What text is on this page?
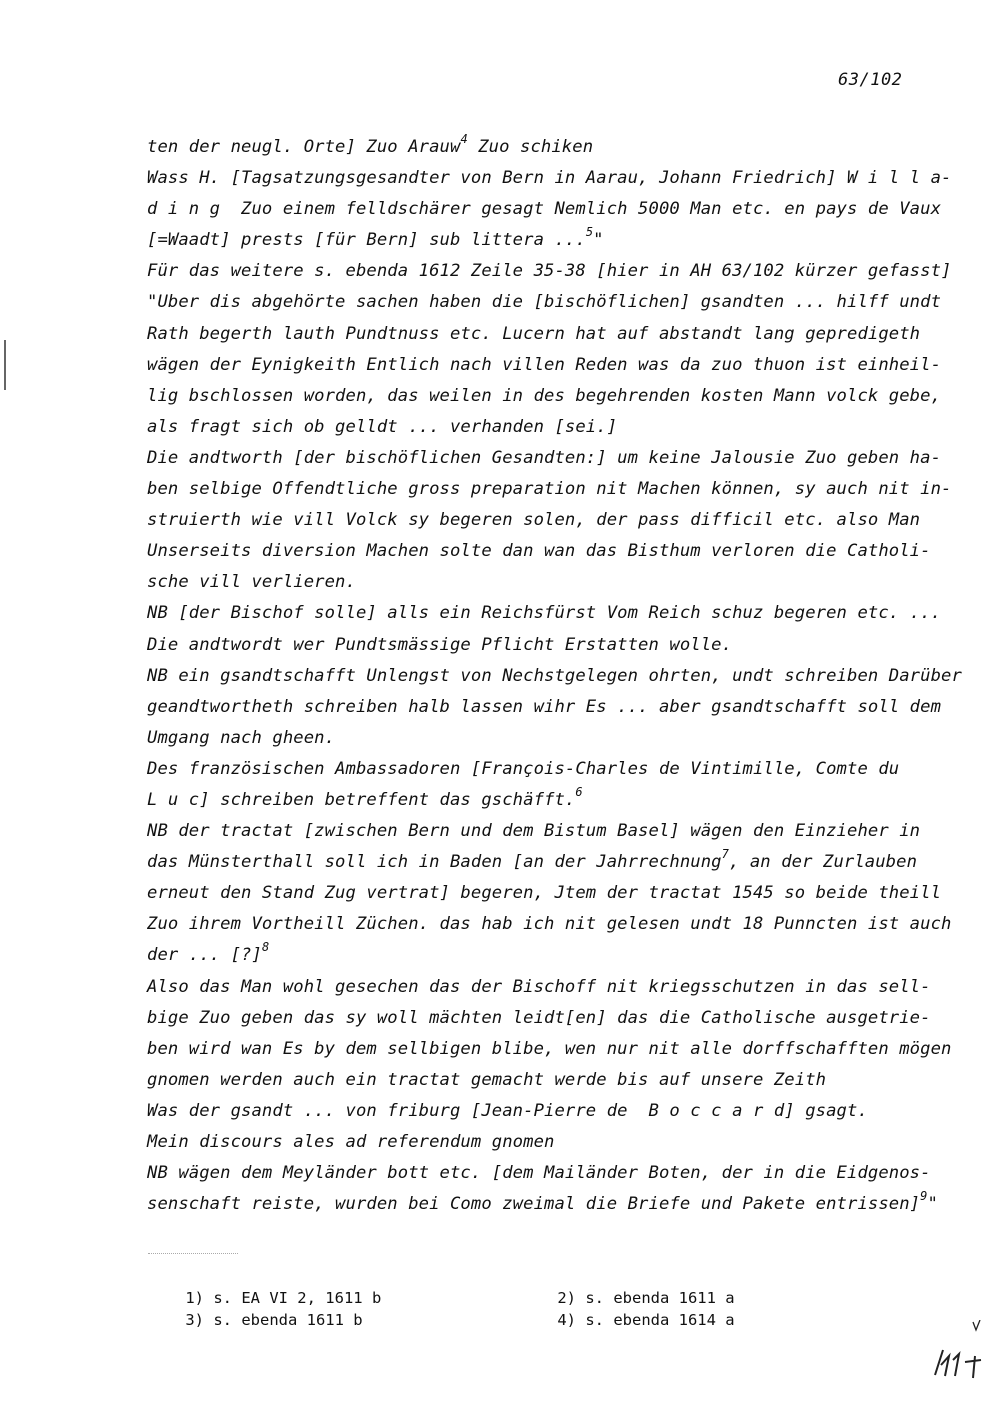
63/102
ten der neugl. Orte] Zuo Arauw$^4$ Zuo schiken
Wass H. [Tagsatzungsgesandter von Bern in Aarau, Johann Friedrich] W i l l a-
d i n g  Zuo einem felldschärer gesagt Nemlich 5000 Man etc. en pays de Vaux
[=Waadt] prests [für Bern] sub littera ...$^5$"
Für das weitere s. ebenda 1612 Zeile 35-38 [hier in AH 63/102 kürzer gefasst]
"Uber dis abgehörte sachen haben die [bischöflichen] gsandten ... hilff undt
Rath begerth lauth Pundtnuss etc. Lucern hat auf abstandt lang gepredigeth
wägen der Eynigkeith Entlich nach villen Reden was da zuo thuon ist einheil-
lig bschlossen worden, das weilen in des begehrenden kosten Mann volck gebe,
als fragt sich ob gelldt ... verhanden [sei.]
Die andtworth [der bischöflichen Gesandten:] um keine Jalousie Zuo geben ha-
ben selbige Offendtliche gross preparation nit Machen können, sy auch nit in-
struierth wie vill Volck sy begeren solen, der pass difficil etc. also Man
Unserseits diversion Machen solte dan wan das Bisthum verloren die Catholi-
sche vill verlieren.
NB [der Bischof solle] alls ein Reichsfürst Vom Reich schuz begeren etc. ...
Die andtwordt wer Pundtsmässige Pflicht Erstatten wolle.
NB ein gsandtschafft Unlengst von Nechstgelegen ohrten, undt schreiben Darüber
geandtwortheth schreiben halb lassen wihr Es ... aber gsandtschafft soll dem
Umgang nach gheen.
Des französischen Ambassadoren [François-Charles de Vintimille, Comte du
L u c] schreiben betreffent das gschäfft.$^6$
NB der tractat [zwischen Bern und dem Bistum Basel] wägen den Einzieher in
das Münsterthall soll ich in Baden [an der Jahrrechnung$^7$, an der Zurlauben
erneut den Stand Zug vertrat] begeren, Jtem der tractat 1545 so beide theill
Zuo ihrem Vortheill Züchen. das hab ich nit gelesen undt 18 Punncten ist auch
der ... [?]$^8$
Also das Man wohl gesechen das der Bischoff nit kriegsschutzen in das sell-
bige Zuo geben das sy woll mächten leidt[en] das die Catholische ausgetrie-
ben wird wan Es by dem sellbigen blibe, wen nur nit alle dorffschafften mögen
gnomen werden auch ein tractat gemacht werde bis auf unsere Zeith
Was der gsandt ... von friburg [Jean-Pierre de  B o c c a r d] gsagt.
Mein discours ales ad referendum gnomen
NB wägen dem Meyländer bott etc. [dem Mailänder Boten, der in die Eidgenos-
senschaft reiste, wurden bei Como zweimal die Briefe und Pakete entrissen]$^9$"

1) s. EA VI 2, 1611 b	2) s. ebenda 1611 a

3) s. ebenda 1611 b	4) s. ebenda 1614 a
